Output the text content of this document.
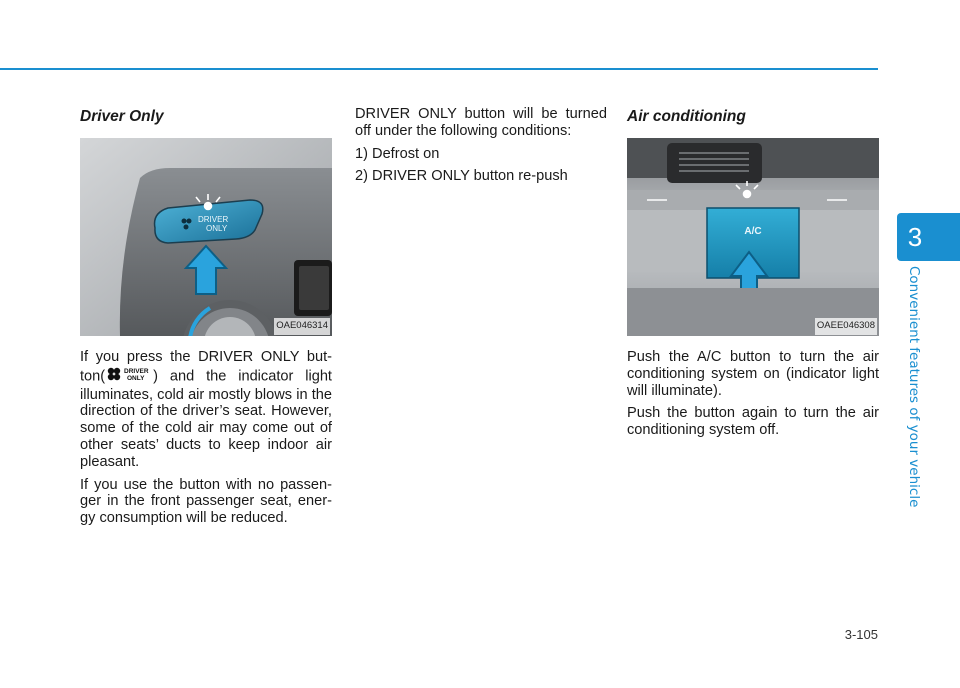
3
Convenient features of your vehicle
Driver Only
DRIVER
ONLY
OAE046314

If you press the DRIVER ONLY but-ton(	DRIVER
ONLY ) and the indicator light illuminates, cold air mostly blows in the direction of the driver’s seat. However, some of the cold air may come out of other seats’ ducts to keep indoor air pleasant.

If you use the button with no passen-ger in the front passenger seat, ener-gy consumption will be reduced.

DRIVER ONLY button will be turned off under the following conditions:

1) Defrost on

2) DRIVER ONLY button re-push

Air conditioning
A/C
OAEE046308

Push the A/C button to turn the air conditioning system on (indicator light will illuminate).

Push the button again to turn the air conditioning system off.

3-105
